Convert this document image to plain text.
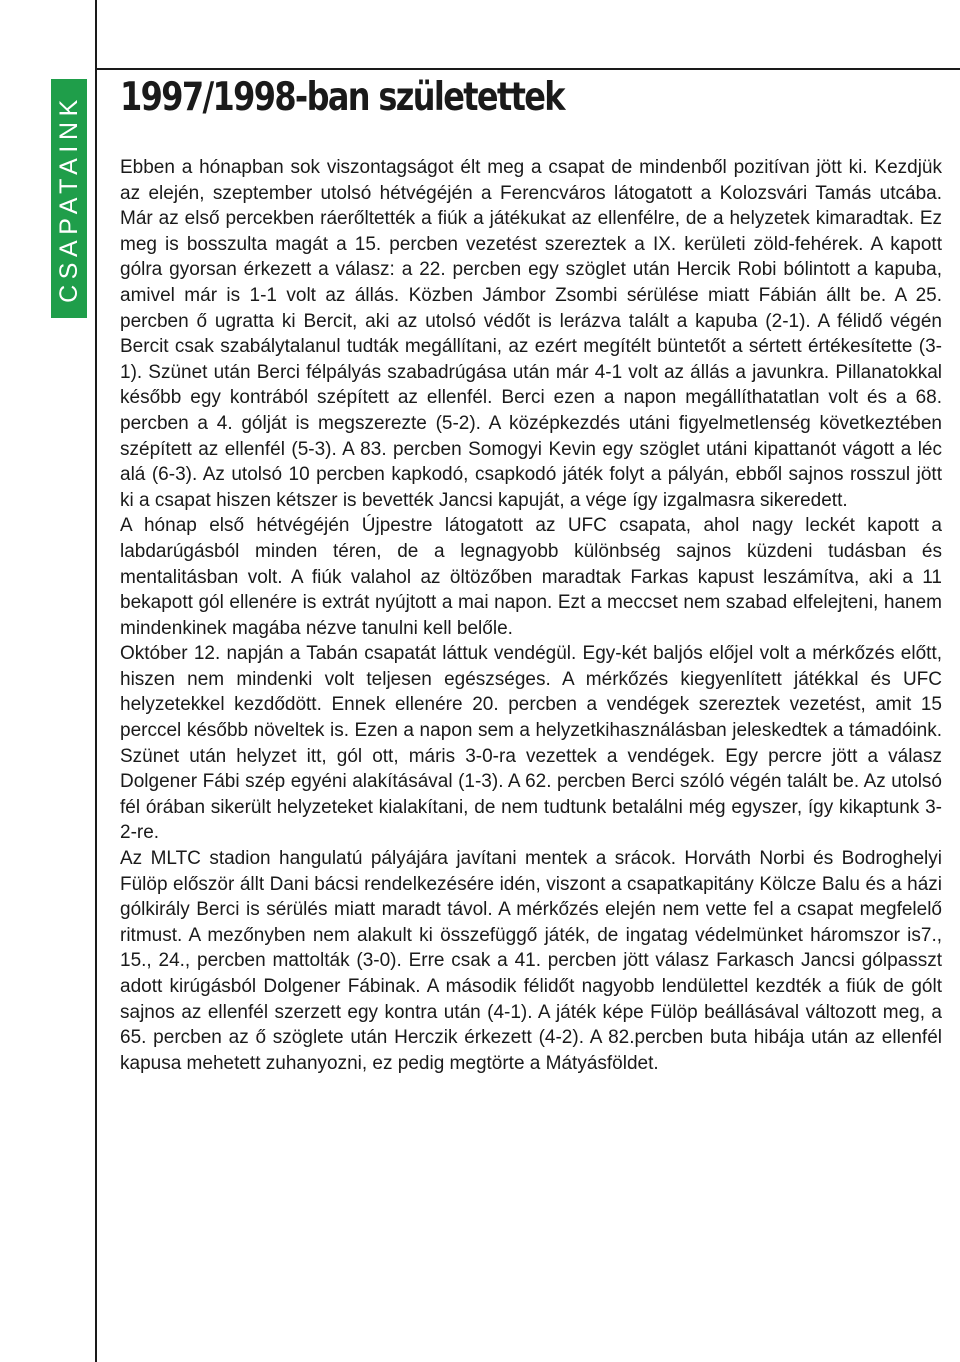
CSAPATAINK 1997/1998-ban születettek

Ebben a hónapban sok viszontagságot élt meg a csapat de mindenből pozitívan jött ki. Kezdjük az elején, szeptember utolsó hétvégéjén a Ferencváros látogatott a Kolozsvári Tamás utcába. Már az első percekben ráerőltették a fiúk a játékukat az ellenfélre, de a helyzetek kimaradtak. Ez meg is bosszulta magát a 15. percben vezetést szereztek a IX. kerületi zöld-fehérek. A kapott gólra gyorsan érkezett a válasz: a 22. percben egy szöglet után Hercik Robi bólintott a kapuba, amivel már is 1-1 volt az állás. Közben Jámbor Zsombi sérülése miatt Fábián állt be. A 25. percben ő ugratta ki Bercit, aki az utolsó védőt is lerázva talált a kapuba (2-1). A félidő végén Bercit csak szabálytalanul tudták megállítani, az ezért megítélt büntetőt a sértett értékesítette (3-1). Szünet után Berci félpályás szabadrúgása után már 4-1 volt az állás a javunkra. Pillanatokkal később egy kontrából szépített az ellenfél. Berci ezen a napon megállíthatatlan volt és a 68. percben a 4. gólját is megszerezte (5-2). A középkezdés utáni figyelmetlenség következtében szépített az ellenfél (5-3). A 83. percben Somogyi Kevin egy szöglet utáni kipattanót vágott a léc alá (6-3). Az utolsó 10 percben kapkodó, csapkodó játék folyt a pályán, ebből sajnos rosszul jött ki a csapat hiszen kétszer is bevették Jancsi kapuját, a vége így izgalmasra sikeredett.

A hónap első hétvégéjén Újpestre látogatott az UFC csapata, ahol nagy leckét kapott a labdarúgásból minden téren, de a legnagyobb különbség sajnos küzdeni tudásban és mentalitásban volt. A fiúk valahol az öltözőben maradtak Farkas kapust leszámítva, aki a 11 bekapott gól ellenére is extrát nyújtott a mai napon. Ezt a meccset nem szabad elfelejteni, hanem mindenkinek magába nézve tanulni kell belőle.

Október 12. napján a Tabán csapatát láttuk vendégül. Egy-két baljós előjel volt a mérkőzés előtt, hiszen nem mindenki volt teljesen egészséges. A mérkőzés kiegyenlített játékkal és UFC helyzetekkel kezdődött. Ennek ellenére 20. percben a vendégek szereztek vezetést, amit 15 perccel később növeltek is. Ezen a napon sem a helyzetkihasználásban jeleskedtek a támadóink. Szünet után helyzet itt, gól ott, máris 3-0-ra vezettek a vendégek. Egy percre jött a válasz Dolgener Fábi szép egyéni alakításával (1-3). A 62. percben Berci szóló végén talált be. Az utolsó fél órában sikerült helyzeteket kialakítani, de nem tudtunk betalálni még egyszer, így kikaptunk 3-2-re.

Az MLTC stadion hangulatú pályájára javítani mentek a srácok. Horváth Norbi és Bodroghelyi Fülöp először állt Dani bácsi rendelkezésére idén, viszont a csapatkapitány Kölcze Balu és a házi gólkirály Berci is sérülés miatt maradt távol. A mérkőzés elején nem vette fel a csapat megfelelő ritmust. A mezőnyben nem alakult ki összefüggő játék, de ingatag védelmünket háromszor is7., 15., 24., percben mattolták (3-0). Erre csak a 41. percben jött válasz Farkasch Jancsi gólpasszt adott kirúgásból Dolgener Fábinak. A második félidőt nagyobb lendülettel kezdték a fiúk de gólt sajnos az ellenfél szerzett egy kontra után (4-1). A játék képe Fülöp beállásával változott meg, a 65. percben az ő szöglete után Herczik érkezett (4-2). A 82.percben buta hibája után az ellenfél kapusa mehetett zuhanyozni, ez pedig megtörte a Mátyásföldet.
